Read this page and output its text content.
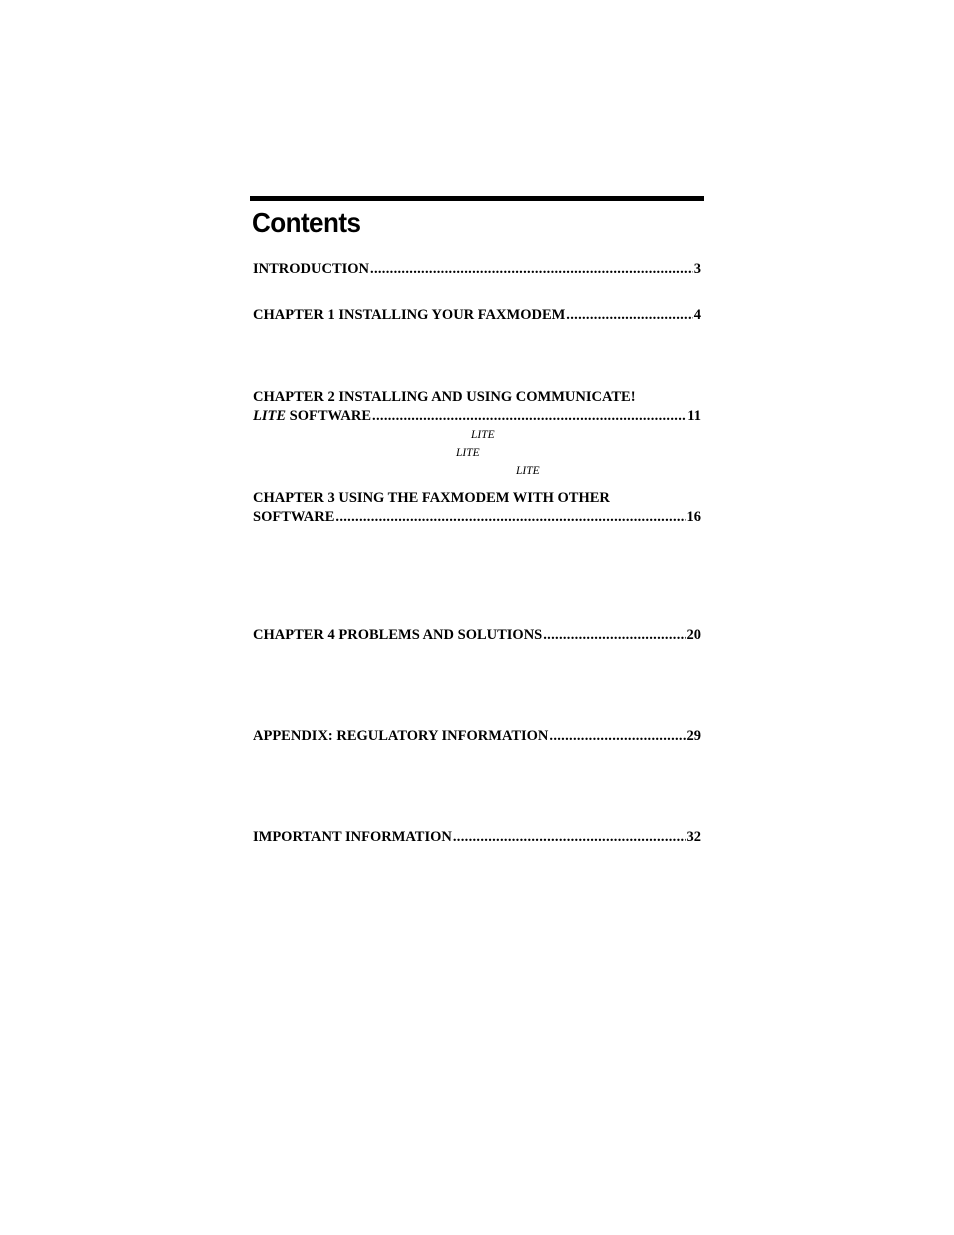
Contents
INTRODUCTION .....	3
CHAPTER 1 INSTALLING YOUR FAXMODEM .....	4
CHAPTER 2 INSTALLING AND USING COMMUNICATE!
LITE SOFTWARE .....	11
LITE
LITE
LITE
CHAPTER 3 USING THE FAXMODEM WITH OTHER
SOFTWARE .....	16
CHAPTER 4 PROBLEMS AND SOLUTIONS .....	20
APPENDIX: REGULATORY INFORMATION .....	29
IMPORTANT INFORMATION .....	32
